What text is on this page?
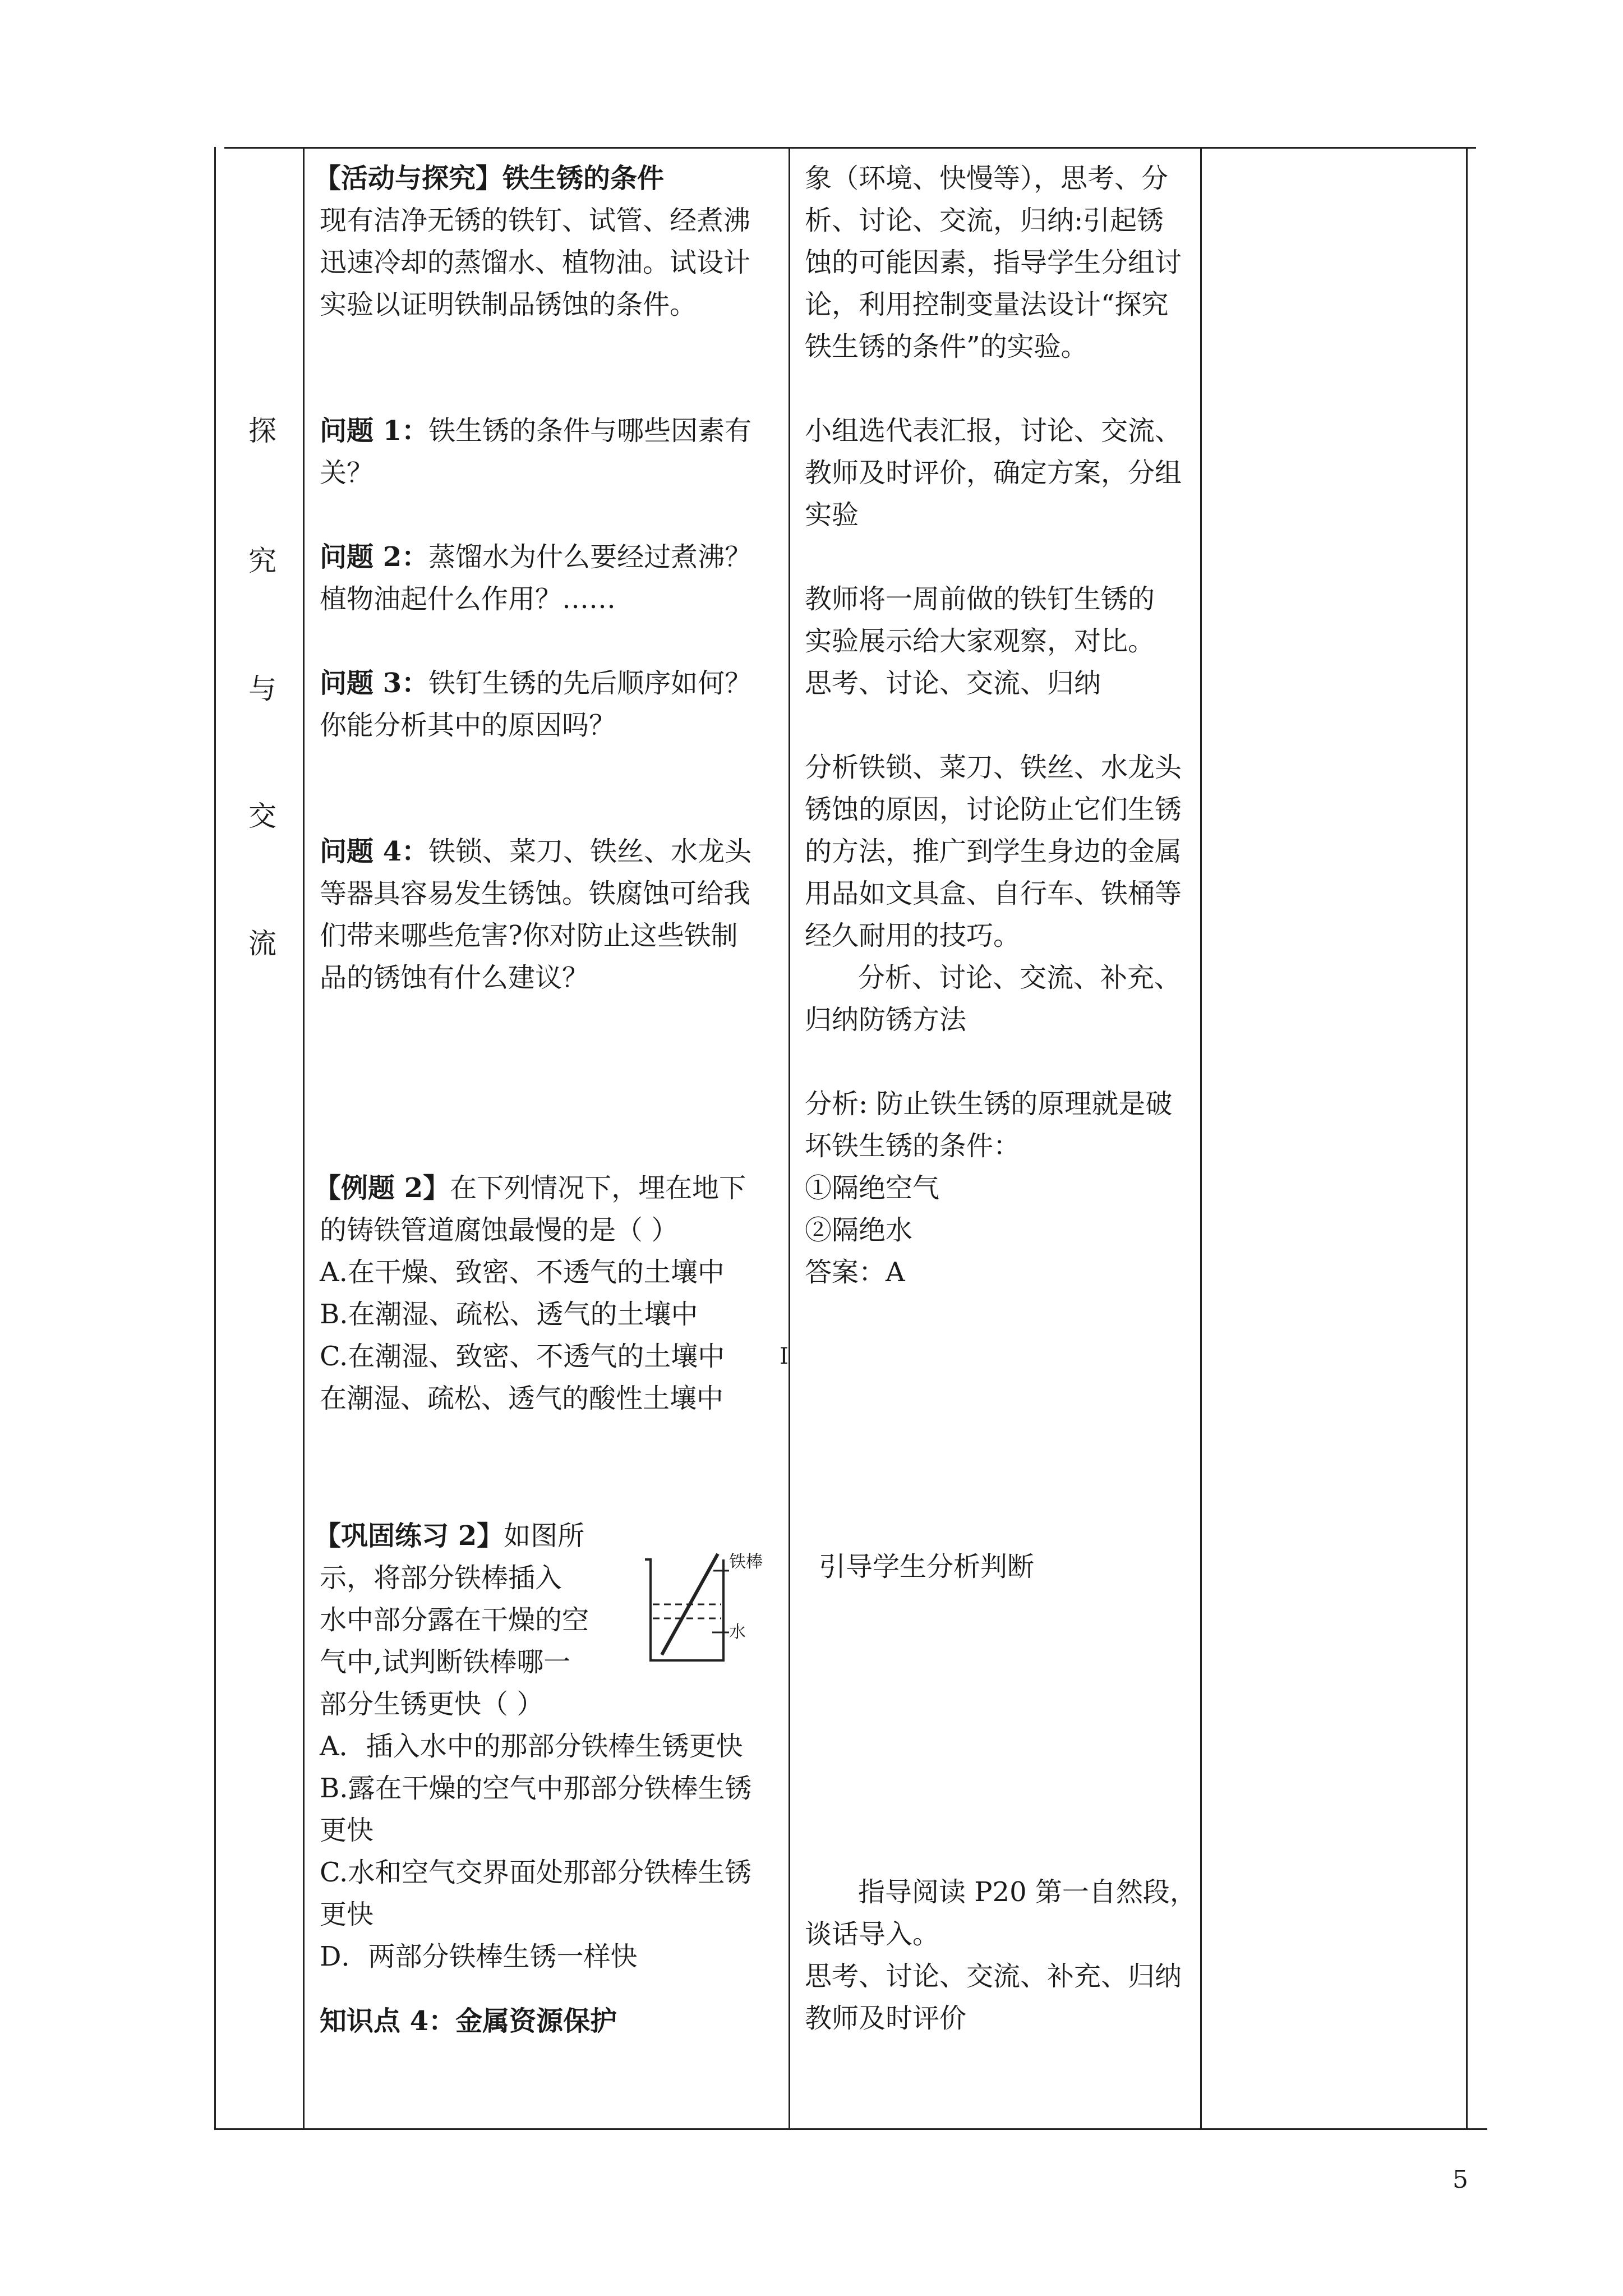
探
究
与
交
流
【活动与探究】铁生锈的条件
现有洁净无锈的铁钉、试管、经煮沸
迅速冷却的蒸馏水、植物油。试设计
实验以证明铁制品锈蚀的条件。
问题 1：铁生锈的条件与哪些因素有
关？
问题 2：蒸馏水为什么要经过煮沸？
植物油起什么作用？……
问题 3：铁钉生锈的先后顺序如何？
你能分析其中的原因吗？
问题 4：铁锁、菜刀、铁丝、水龙头
等器具容易发生锈蚀。铁腐蚀可给我
们带来哪些危害?你对防止这些铁制
品的锈蚀有什么建议？
【例题 2】在下列情况下，埋在地下
的铸铁管道腐蚀最慢的是（ ）
A.在干燥、致密、不透气的土壤中
B.在潮湿、疏松、透气的土壤中
C.在潮湿、致密、不透气的土壤中
在潮湿、疏松、透气的酸性土壤中
I
【巩固练习 2】如图所
示，将部分铁棒插入
水中部分露在干燥的空
气中,试判断铁棒哪一
部分生锈更快（ ）
铁棒
水
A．插入水中的那部分铁棒生锈更快
B.露在干燥的空气中那部分铁棒生锈
更快
C.水和空气交界面处那部分铁棒生锈
更快
D．两部分铁棒生锈一样快
知识点 4：金属资源保护
象（环境、快慢等），思考、分
析、讨论、交流，归纳:引起锈
蚀的可能因素，指导学生分组讨
论，利用控制变量法设计“探究
铁生锈的条件”的实验。
小组选代表汇报，讨论、交流、
教师及时评价，确定方案，分组
实验
教师将一周前做的铁钉生锈的
实验展示给大家观察，对比。
思考、讨论、交流、归纳
分析铁锁、菜刀、铁丝、水龙头
锈蚀的原因，讨论防止它们生锈
的方法，推广到学生身边的金属
用品如文具盒、自行车、铁桶等
经久耐用的技巧。
分析、讨论、交流、补充、
归纳防锈方法
分析: 防止铁生锈的原理就是破
坏铁生锈的条件：
①隔绝空气
②隔绝水
答案：A
引导学生分析判断
指导阅读 P20 第一自然段，
谈话导入。
思考、讨论、交流、补充、归纳
教师及时评价
5
